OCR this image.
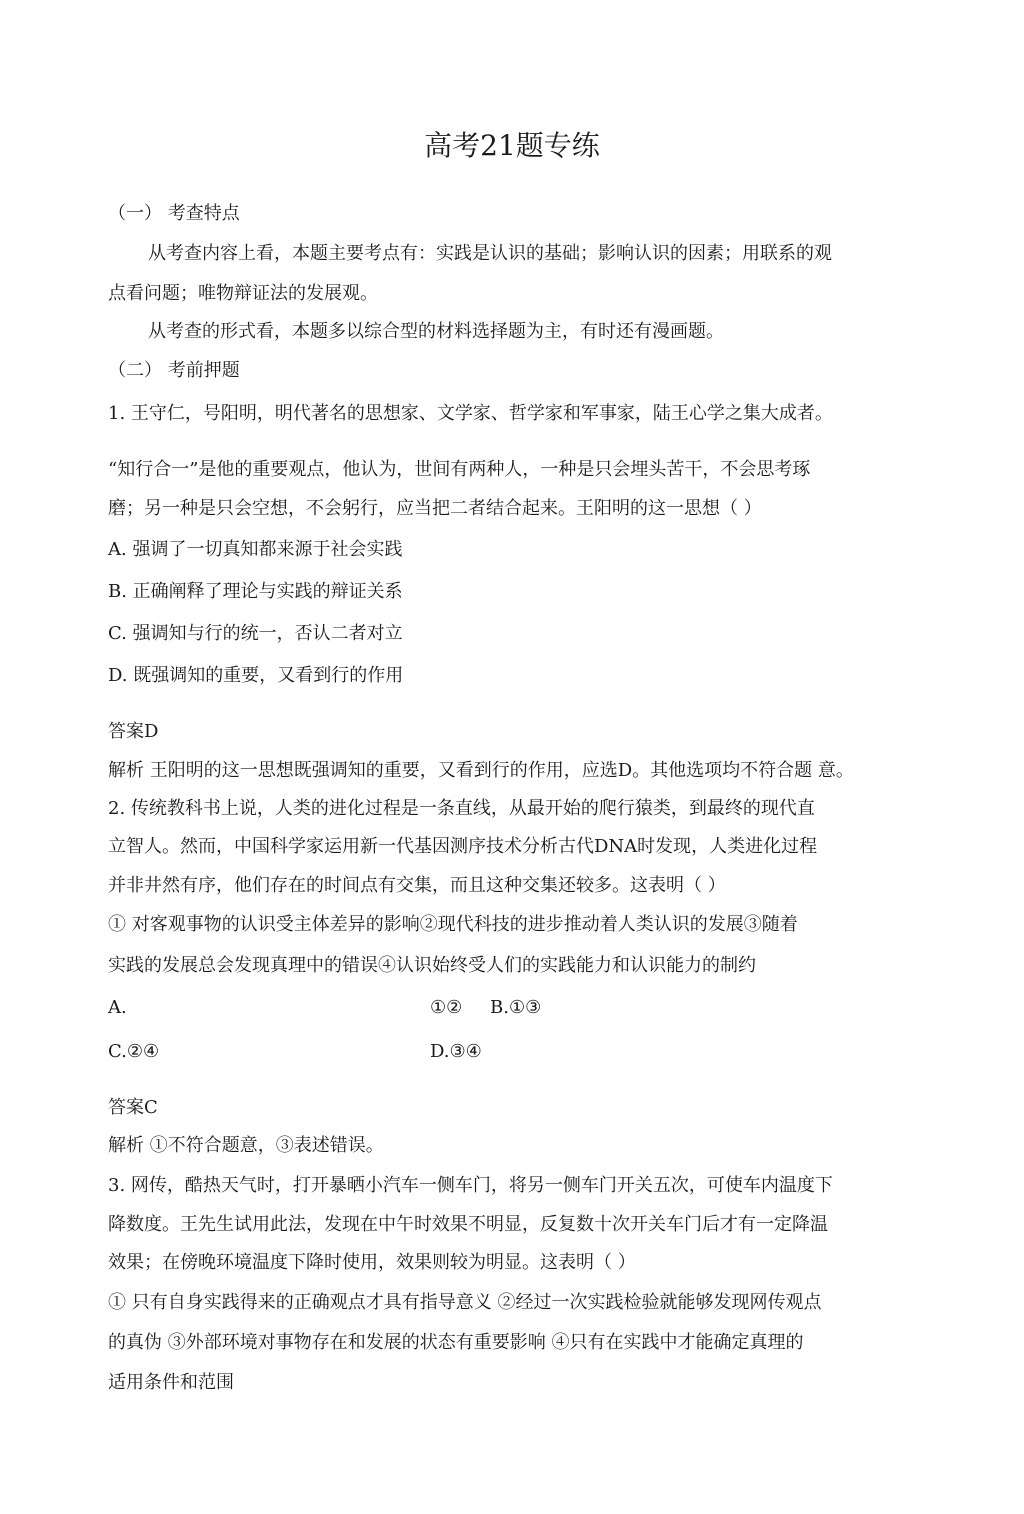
高考21题专练
（一） 考查特点
从考查内容上看，本题主要考点有：实践是认识的基础；影响认识的因素；用联系的观
点看问题；唯物辩证法的发展观。
从考查的形式看，本题多以综合型的材料选择题为主，有时还有漫画题。
（二） 考前押题
1. 王守仁，号阳明，明代著名的思想家、文学家、哲学家和军事家，陆王心学之集大成者。
“知行合一”是他的重要观点，他认为，世间有两种人，一种是只会埋头苦干，不会思考琢
磨；另一种是只会空想，不会躬行，应当把二者结合起来。王阳明的这一思想（ ）
A. 强调了一切真知都来源于社会实践
B. 正确阐释了理论与实践的辩证关系
C. 强调知与行的统一，否认二者对立
D. 既强调知的重要，又看到行的作用
答案D
解析 王阳明的这一思想既强调知的重要，又看到行的作用，应选D。其他选项均不符合题 意。
2. 传统教科书上说，人类的进化过程是一条直线，从最开始的爬行猿类，到最终的现代直
立智人。然而，中国科学家运用新一代基因测序技术分析古代DNA时发现，人类进化过程
并非井然有序，他们存在的时间点有交集，而且这种交集还较多。这表明（ ）
① 对客观事物的认识受主体差异的影响②现代科技的进步推动着人类认识的发展③随着
实践的发展总会发现真理中的错误④认识始终受人们的实践能力和认识能力的制约
A.	①② B.①③
C.②④	D.③④
答案C
解析 ①不符合题意，③表述错误。
3. 网传，酷热天气时，打开暴晒小汽车一侧车门，将另一侧车门开关五次，可使车内温度下
降数度。王先生试用此法，发现在中午时效果不明显，反复数十次开关车门后才有一定降温
效果；在傍晚环境温度下降时使用，效果则较为明显。这表明（ ）
① 只有自身实践得来的正确观点才具有指导意义 ②经过一次实践检验就能够发现网传观点
的真伪 ③外部环境对事物存在和发展的状态有重要影响 ④只有在实践中才能确定真理的
适用条件和范围
